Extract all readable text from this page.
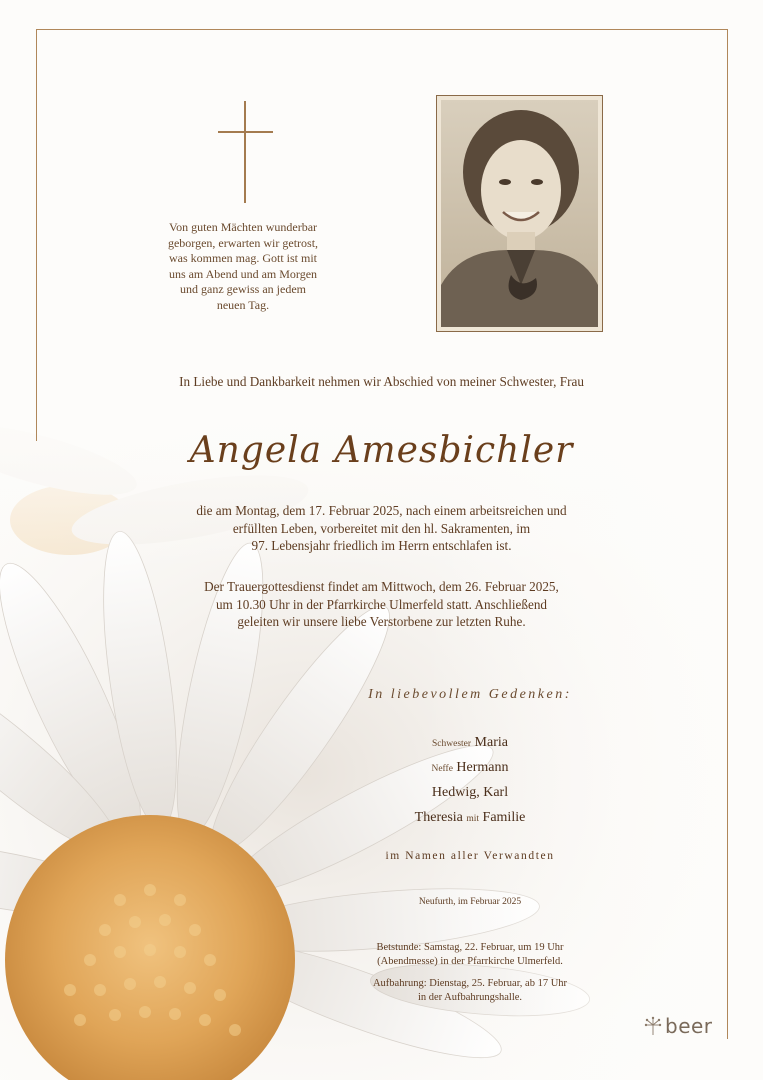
Von guten Mächten wunderbar
geborgen, erwarten wir getrost,
was kommen mag. Gott ist mit
uns am Abend und am Morgen
und ganz gewiss an jedem
neuen Tag.
In Liebe und Dankbarkeit nehmen wir Abschied von meiner Schwester, Frau
Angela Amesbichler
die am Montag, dem 17. Februar 2025, nach einem arbeitsreichen und
erfüllten Leben, vorbereitet mit den hl. Sakramenten, im
97. Lebensjahr friedlich im Herrn entschlafen ist.
Der Trauergottesdienst findet am Mittwoch, dem 26. Februar 2025,
um 10.30 Uhr in der Pfarrkirche Ulmerfeld statt. Anschließend
geleiten wir unsere liebe Verstorbene zur letzten Ruhe.
In liebevollem Gedenken:
Schwester Maria
Neffe Hermann
Hedwig, Karl
Theresia mit Familie
im Namen aller Verwandten
Neufurth, im Februar 2025
Betstunde: Samstag, 22. Februar, um 19 Uhr
(Abendmesse) in der Pfarrkirche Ulmerfeld.
Aufbahrung: Dienstag, 25. Februar, ab 17 Uhr
in der Aufbahrungshalle.
beer
